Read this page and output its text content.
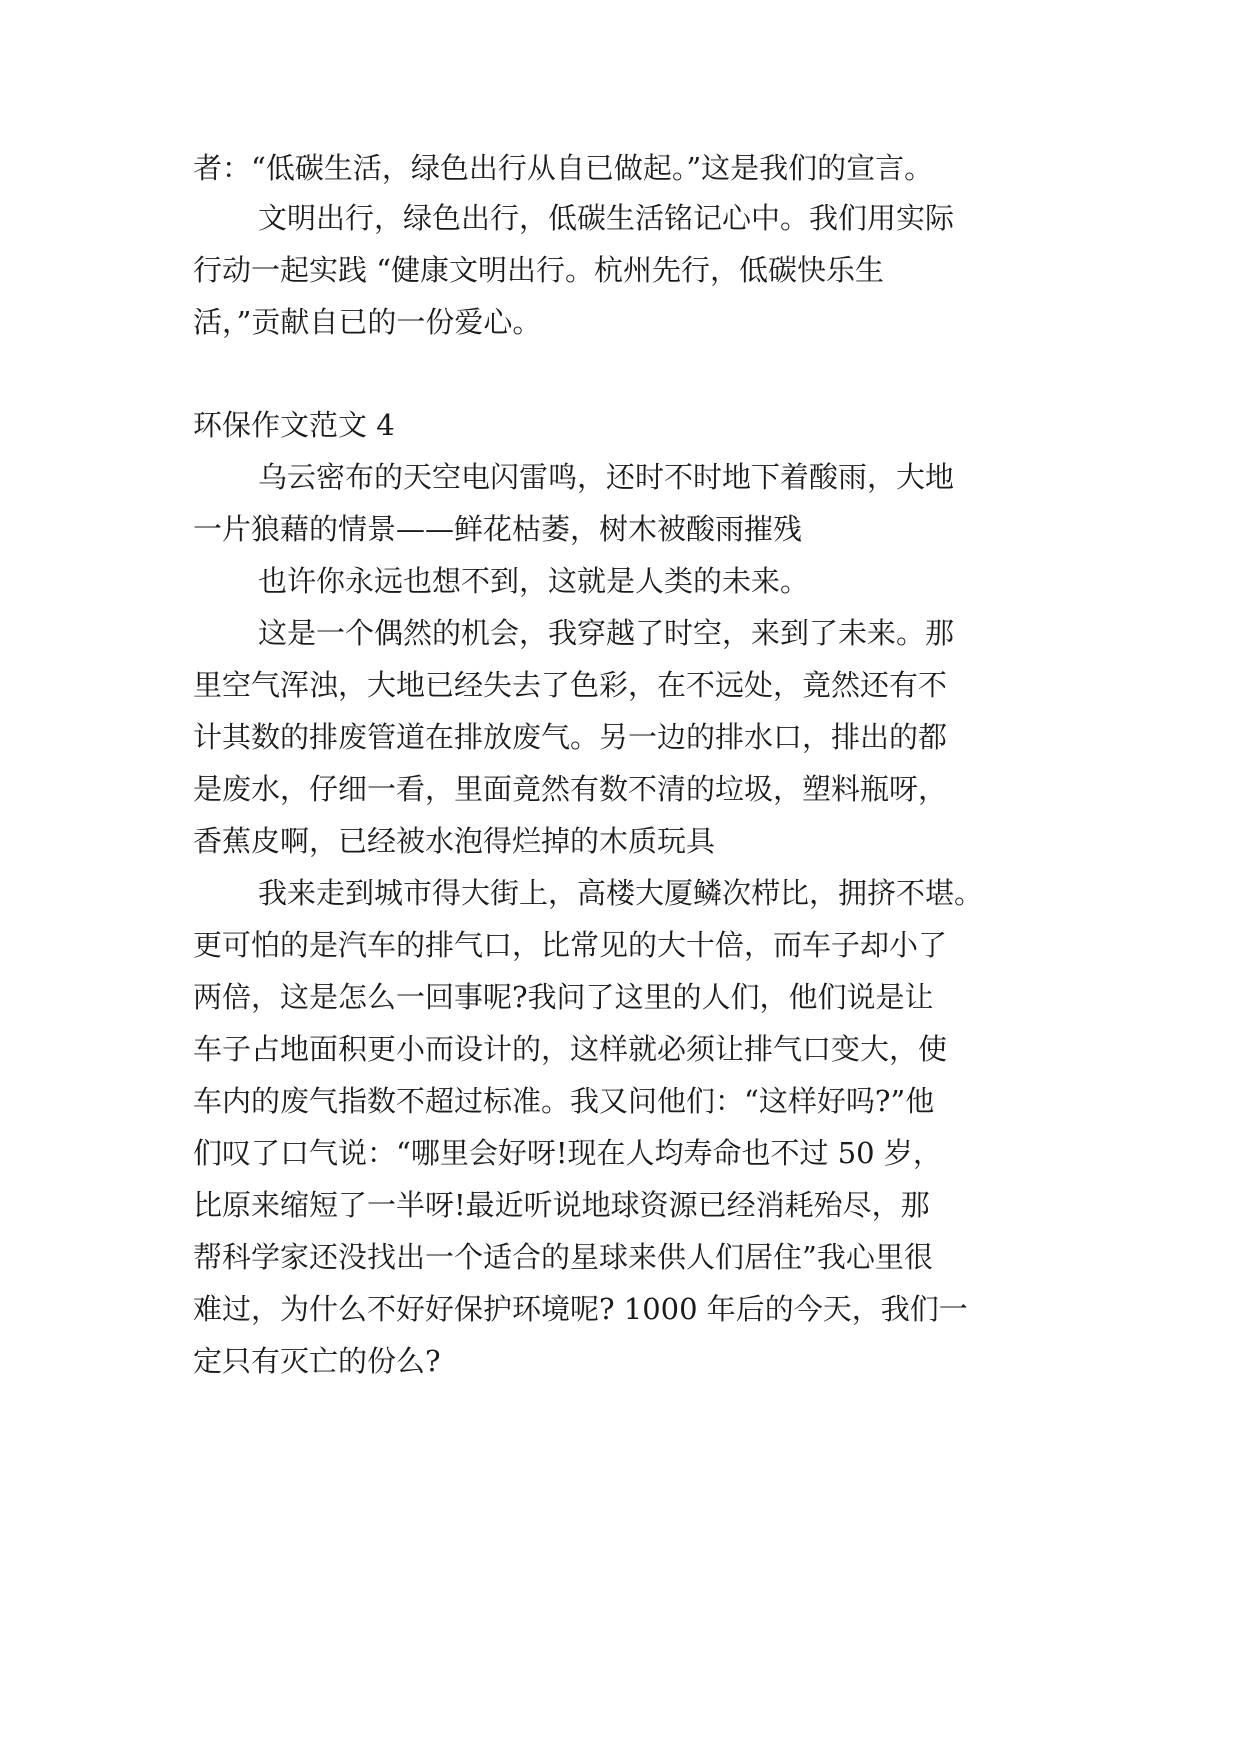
者：“低碳生活，绿色出行从自已做起。”这是我们的宣言。

文明出行，绿色出行，低碳生活铭记心中。我们用实际

行动一起实践 “健康文明出行。杭州先行，低碳快乐生

活，”贡献自已的一份爱心。

环保作文范文 4

乌云密布的天空电闪雷鸣，还时不时地下着酸雨，大地

一片狼藉的情景——鲜花枯萎，树木被酸雨摧残

也许你永远也想不到，这就是人类的未来。

这是一个偶然的机会，我穿越了时空，来到了未来。那

里空气浑浊，大地已经失去了色彩，在不远处，竟然还有不

计其数的排废管道在排放废气。另一边的排水口，排出的都

是废水，仔细一看，里面竟然有数不清的垃圾，塑料瓶呀，

香蕉皮啊，已经被水泡得烂掉的木质玩具

我来走到城市得大街上，高楼大厦鳞次栉比，拥挤不堪。

更可怕的是汽车的排气口，比常见的大十倍，而车子却小了

两倍，这是怎么一回事呢?我问了这里的人们，他们说是让

车子占地面积更小而设计的，这样就必须让排气口变大，使

车内的废气指数不超过标准。我又问他们：“这样好吗?”他

们叹了口气说：“哪里会好呀!现在人均寿命也不过 50 岁，

比原来缩短了一半呀!最近听说地球资源已经消耗殆尽，那

帮科学家还没找出一个适合的星球来供人们居住”我心里很

难过，为什么不好好保护环境呢? 1000 年后的今天，我们一

定只有灭亡的份么?
